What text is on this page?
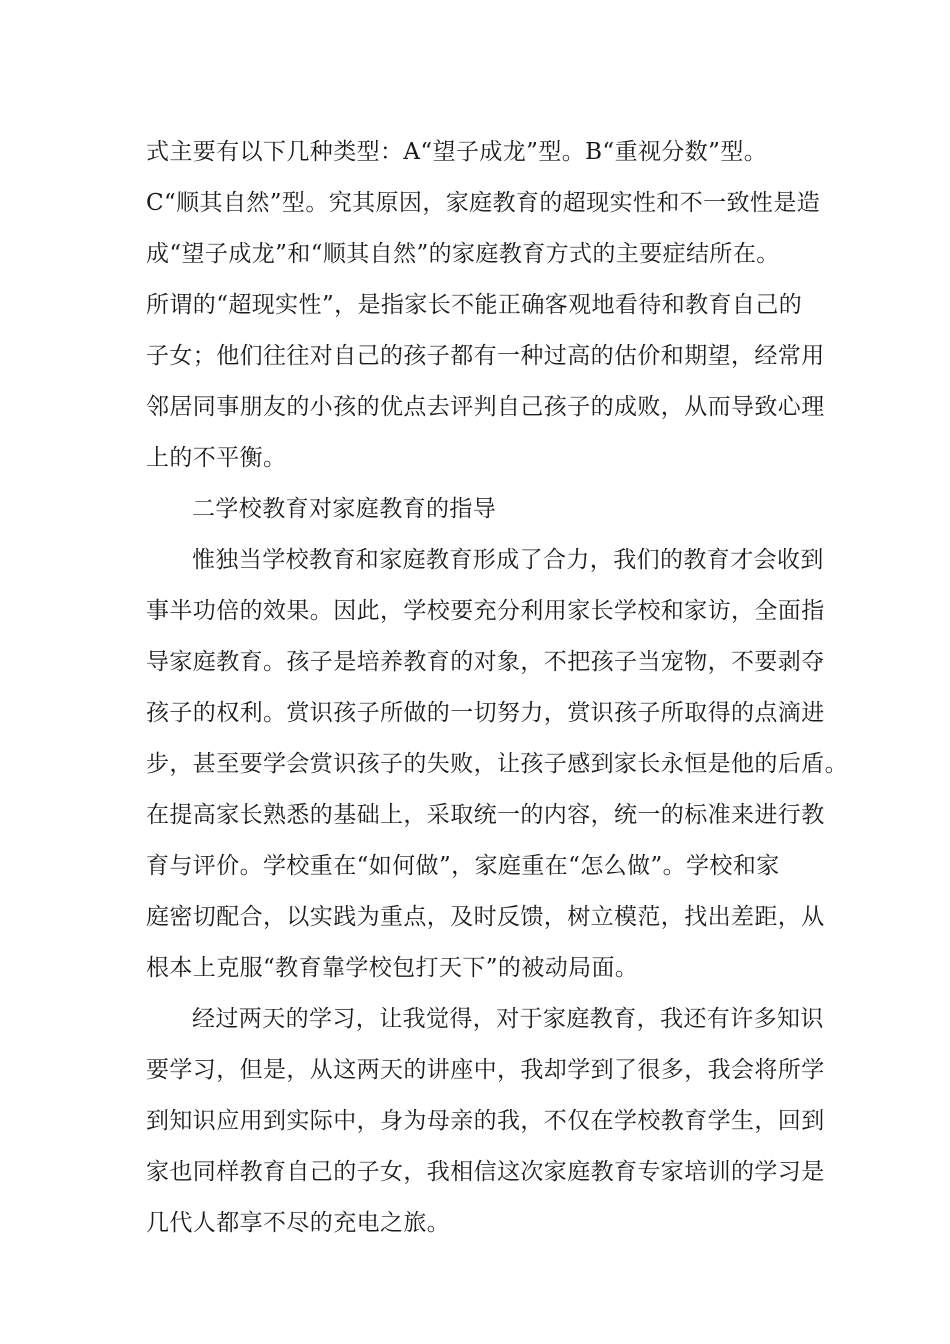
式主要有以下几种类型：A“望子成龙”型。B“重视分数”型。
C“顺其自然”型。究其原因，家庭教育的超现实性和不一致性是造
成“望子成龙”和“顺其自然”的家庭教育方式的主要症结所在。
所谓的“超现实性”，是指家长不能正确客观地看待和教育自己的
子女；他们往往对自己的孩子都有一种过高的估价和期望，经常用
邻居同事朋友的小孩的优点去评判自己孩子的成败，从而导致心理
上的不平衡。
二学校教育对家庭教育的指导
惟独当学校教育和家庭教育形成了合力，我们的教育才会收到
事半功倍的效果。因此，学校要充分利用家长学校和家访，全面指
导家庭教育。孩子是培养教育的对象，不把孩子当宠物，不要剥夺
孩子的权利。赏识孩子所做的一切努力，赏识孩子所取得的点滴进
步，甚至要学会赏识孩子的失败，让孩子感到家长永恒是他的后盾。
在提高家长熟悉的基础上，采取统一的内容，统一的标准来进行教
育与评价。学校重在“如何做”，家庭重在“怎么做”。学校和家
庭密切配合，以实践为重点，及时反馈，树立模范，找出差距，从
根本上克服“教育靠学校包打天下”的被动局面。
经过两天的学习，让我觉得，对于家庭教育，我还有许多知识
要学习，但是，从这两天的讲座中，我却学到了很多，我会将所学
到知识应用到实际中，身为母亲的我，不仅在学校教育学生，回到
家也同样教育自己的子女，我相信这次家庭教育专家培训的学习是
几代人都享不尽的充电之旅。
